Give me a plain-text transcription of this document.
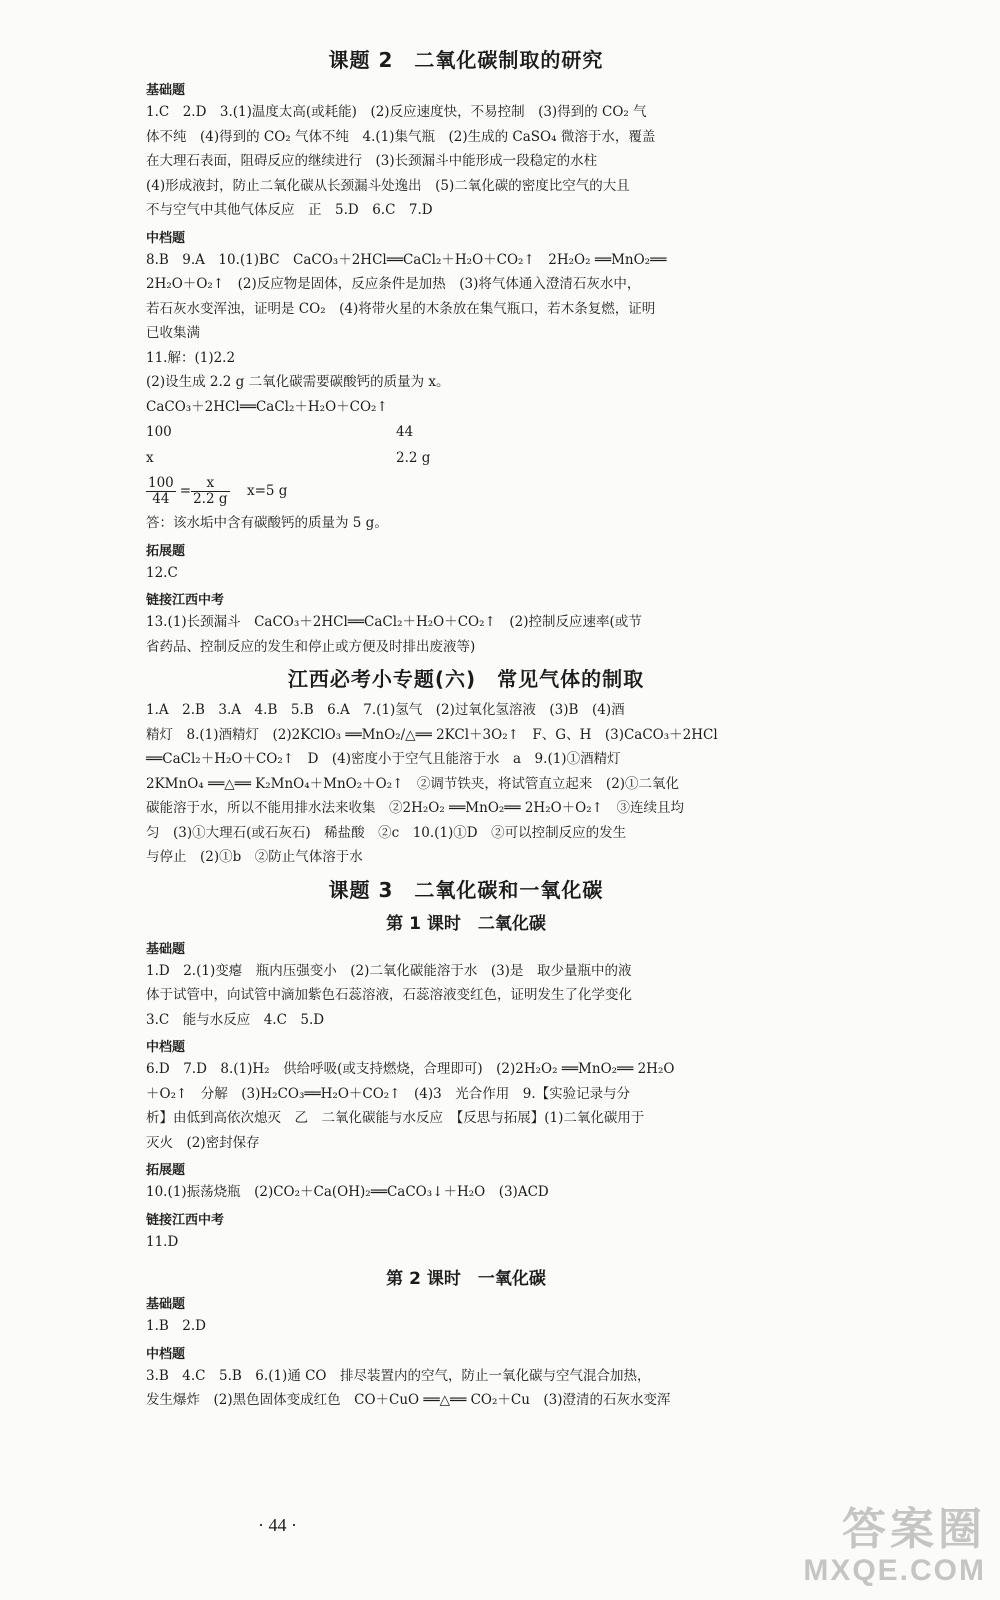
课题 2　二氧化碳制取的研究
基础题
1.C　2.D　3.(1)温度太高(或耗能)　(2)反应速度快，不易控制　(3)得到的 CO₂ 气
体不纯　(4)得到的 CO₂ 气体不纯　4.(1)集气瓶　(2)生成的 CaSO₄ 微溶于水，覆盖
在大理石表面，阻碍反应的继续进行　(3)长颈漏斗中能形成一段稳定的水柱
(4)形成液封，防止二氧化碳从长颈漏斗处逸出　(5)二氧化碳的密度比空气的大且
不与空气中其他气体反应　正　5.D　6.C　7.D
中档题
8.B　9.A　10.(1)BC　CaCO₃＋2HCl══CaCl₂＋H₂O＋CO₂↑　2H₂O₂ ══MnO₂══
2H₂O＋O₂↑　(2)反应物是固体，反应条件是加热　(3)将气体通入澄清石灰水中，
若石灰水变浑浊，证明是 CO₂　(4)将带火星的木条放在集气瓶口，若木条复燃，证明
已收集满
11.解：(1)2.2
(2)设生成 2.2 g 二氧化碳需要碳酸钙的质量为 x。
CaCO₃＋2HCl══CaCl₂＋H₂O＋CO₂↑
100	44
x	2.2 g
$\frac{100}{44} = \frac{x}{2.2 g}$
　 x=5 g
答：该水垢中含有碳酸钙的质量为 5 g。
拓展题
12.C
链接江西中考
13.(1)长颈漏斗　CaCO₃＋2HCl══CaCl₂＋H₂O＋CO₂↑　(2)控制反应速率(或节
省药品、控制反应的发生和停止或方便及时排出废液等)
江西必考小专题(六)　常见气体的制取
1.A　2.B　3.A　4.B　5.B　6.A　7.(1)氢气　(2)过氧化氢溶液　(3)B　(4)酒
精灯　8.(1)酒精灯　(2)2KClO₃ ══MnO₂/△══ 2KCl＋3O₂↑　F、G、H　(3)CaCO₃＋2HCl
══CaCl₂＋H₂O＋CO₂↑　D　(4)密度小于空气且能溶于水　a　9.(1)①酒精灯
2KMnO₄ ══△══ K₂MnO₄＋MnO₂＋O₂↑　②调节铁夹，将试管直立起来　(2)①二氧化
碳能溶于水，所以不能用排水法来收集　②2H₂O₂ ══MnO₂══ 2H₂O＋O₂↑　③连续且均
匀　(3)①大理石(或石灰石)　稀盐酸　②c　10.(1)①D　②可以控制反应的发生
与停止　(2)①b　②防止气体溶于水
课题 3　二氧化碳和一氧化碳
第 1 课时　二氧化碳
基础题
1.D　2.(1)变瘪　瓶内压强变小　(2)二氧化碳能溶于水　(3)是　取少量瓶中的液
体于试管中，向试管中滴加紫色石蕊溶液，石蕊溶液变红色，证明发生了化学变化
3.C　能与水反应　4.C　5.D
中档题
6.D　7.D　8.(1)H₂　供给呼吸(或支持燃烧，合理即可)　(2)2H₂O₂ ══MnO₂══ 2H₂O
＋O₂↑　分解　(3)H₂CO₃══H₂O＋CO₂↑　(4)3　光合作用　9.【实验记录与分
析】由低到高依次熄灭　乙　二氧化碳能与水反应　【反思与拓展】(1)二氧化碳用于
灭火　(2)密封保存
拓展题
10.(1)振荡烧瓶　(2)CO₂＋Ca(OH)₂══CaCO₃↓＋H₂O　(3)ACD
链接江西中考
11.D
第 2 课时　一氧化碳
基础题
1.B　2.D
中档题
3.B　4.C　5.B　6.(1)通 CO　排尽装置内的空气，防止一氧化碳与空气混合加热，
发生爆炸　(2)黑色固体变成红色　CO＋CuO ══△══ CO₂＋Cu　(3)澄清的石灰水变浑
· 44 ·	答案圈
MXQE.COM
